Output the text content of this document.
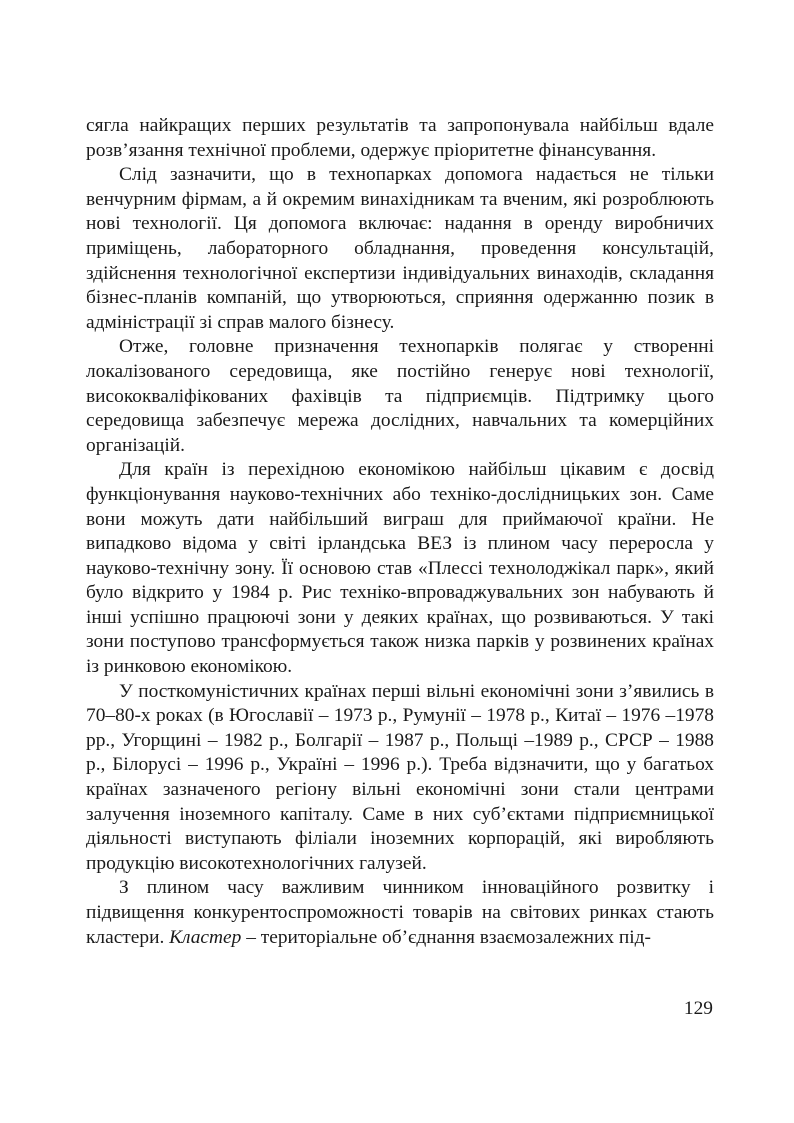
сягла найкращих перших результатів та запропонувала найбільш вдале розв’язання технічної проблеми, одержує пріоритетне фінансування.

Слід зазначити, що в технопарках допомога надається не тільки венчурним фірмам, а й окремим винахідникам та вченим, які розроблюють нові технології. Ця допомога включає: надання в оренду виробничих приміщень, лабораторного обладнання, проведення консультацій, здійснення технологічної експертизи індивідуальних винаходів, складання бізнес-планів компаній, що утворюються, сприяння одержанню позик в адміністрації зі справ малого бізнесу.

Отже, головне призначення технопарків полягає у створенні локалізованого середовища, яке постійно генерує нові технології, висококваліфікованих фахівців та підприємців. Підтримку цього середовища забезпечує мережа дослідних, навчальних та комерційних організацій.

Для країн із перехідною економікою найбільш цікавим є досвід функціонування науково-технічних або техніко-дослідницьких зон. Саме вони можуть дати найбільший виграш для приймаючої країни. Не випадково відома у світі ірландська ВЕЗ із плином часу переросла у науково-технічну зону. Її основою став «Плессі технолоджікал парк», який було відкрито у 1984 р. Рис техніко-впроваджувальних зон набувають й інші успішно працюючі зони у деяких країнах, що розвиваються. У такі зони поступово трансформується також низка парків у розвинених країнах із ринковою економікою.

У посткомуністичних країнах перші вільні економічні зони з’явились в 70–80-х роках (в Югославії – 1973 р., Румунії – 1978 р., Китаї – 1976 –1978 рр., Угорщині – 1982 р., Болгарії – 1987 р., Польщі –1989 р., СРСР – 1988 р., Білорусі – 1996 р., Україні – 1996 р.). Треба відзначити, що у багатьох країнах зазначеного регіону вільні економічні зони стали центрами залучення іноземного капіталу. Саме в них суб’єктами підприємницької діяльності виступають філіали іноземних корпорацій, які виробляють продукцію високотехнологічних галузей.

З плином часу важливим чинником інноваційного розвитку і підвищення конкурентоспроможності товарів на світових ринках стають кластери. Кластер – територіальне об’єднання взаємозалежних під-

129
